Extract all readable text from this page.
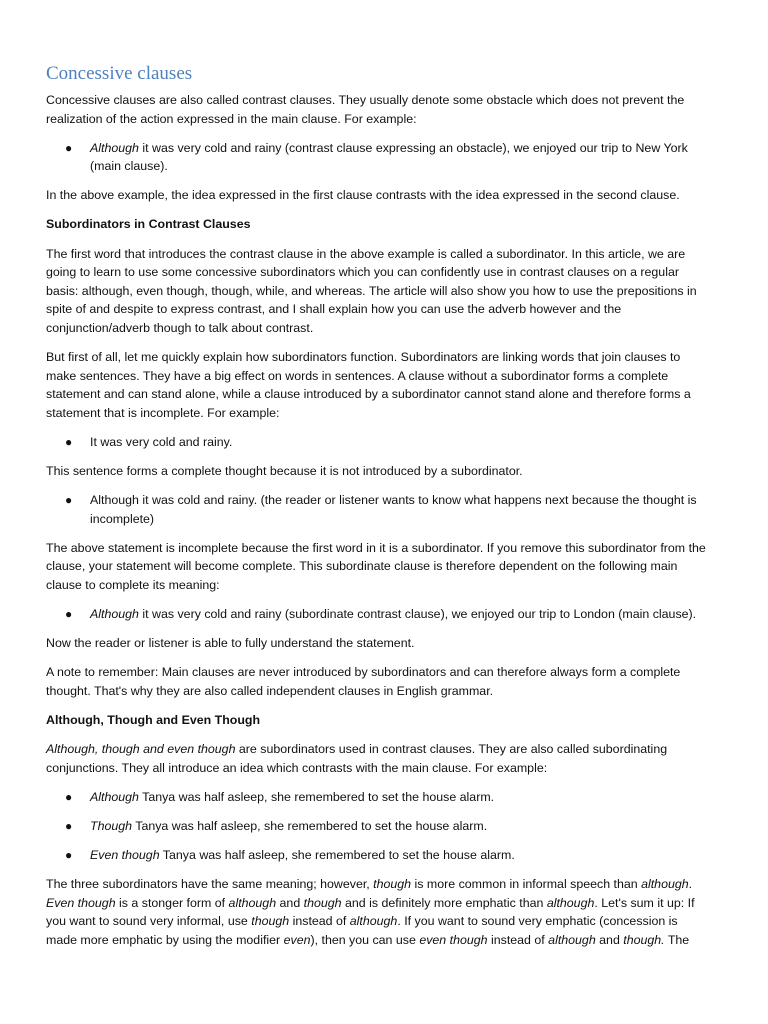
Concessive clauses

Concessive clauses are also called contrast clauses. They usually denote some obstacle which does not prevent the realization of the action expressed in the main clause. For example:

● Although it was very cold and rainy (contrast clause expressing an obstacle), we enjoyed our trip to New York (main clause).

In the above example, the idea expressed in the first clause contrasts with the idea expressed in the second clause.

Subordinators in Contrast Clauses

The first word that introduces the contrast clause in the above example is called a subordinator. In this article, we are going to learn to use some concessive subordinators which you can confidently use in contrast clauses on a regular basis: although, even though, though, while, and whereas. The article will also show you how to use the prepositions in spite of and despite to express contrast, and I shall explain how you can use the adverb however and the conjunction/adverb though to talk about contrast.

But first of all, let me quickly explain how subordinators function. Subordinators are linking words that join clauses to make sentences. They have a big effect on words in sentences. A clause without a subordinator forms a complete statement and can stand alone, while a clause introduced by a subordinator cannot stand alone and therefore forms a statement that is incomplete. For example:

● It was very cold and rainy.

This sentence forms a complete thought because it is not introduced by a subordinator.

● Although it was cold and rainy. (the reader or listener wants to know what happens next because the thought is incomplete)

The above statement is incomplete because the first word in it is a subordinator. If you remove this subordinator from the clause, your statement will become complete. This subordinate clause is therefore dependent on the following main clause to complete its meaning:

● Although it was very cold and rainy (subordinate contrast clause), we enjoyed our trip to London (main clause).

Now the reader or listener is able to fully understand the statement.

A note to remember: Main clauses are never introduced by subordinators and can therefore always form a complete thought. That's why they are also called independent clauses in English grammar.

Although, Though and Even Though

Although, though and even though are subordinators used in contrast clauses. They are also called subordinating conjunctions. They all introduce an idea which contrasts with the main clause. For example:

● Although Tanya was half asleep, she remembered to set the house alarm.
● Though Tanya was half asleep, she remembered to set the house alarm.
● Even though Tanya was half asleep, she remembered to set the house alarm.

The three subordinators have the same meaning; however, though is more common in informal speech than although. Even though is a stonger form of although and though and is definitely more emphatic than although. Let's sum it up: If you want to sound very informal, use though instead of although. If you want to sound very emphatic (concession is made more emphatic by using the modifier even), then you can use even though instead of although and though. The
